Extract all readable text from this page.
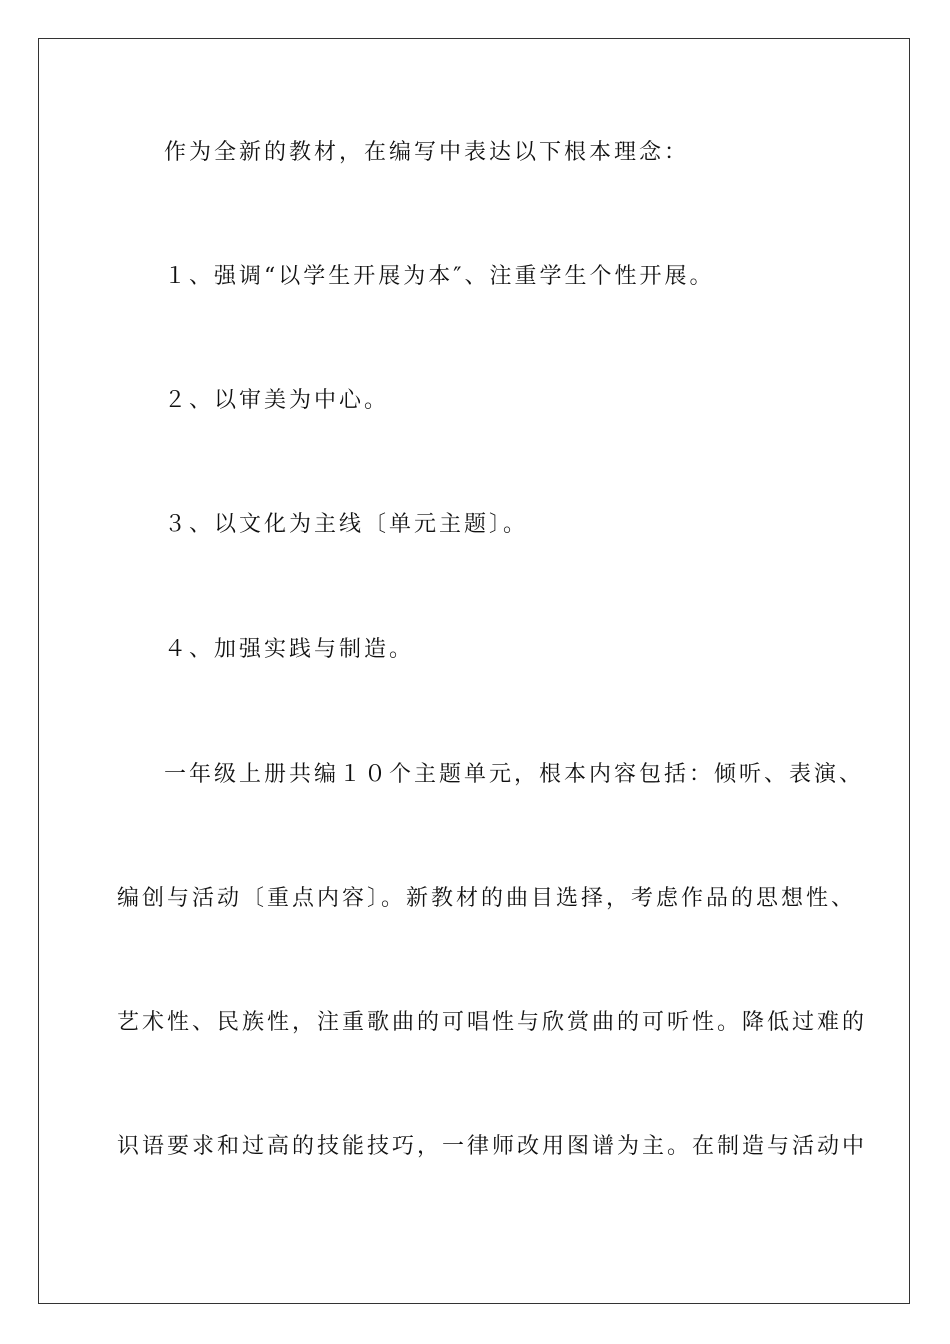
作为全新的教材，在编写中表达以下根本理念：
１、强调“以学生开展为本″、注重学生个性开展。
２、以审美为中心。
３、以文化为主线〔单元主题〕。
４、加强实践与制造。
一年级上册共编１０个主题单元，根本内容包括：倾听、表演、
编创与活动〔重点内容〕。新教材的曲目选择，考虑作品的思想性、
艺术性、民族性，注重歌曲的可唱性与欣赏曲的可听性。降低过难的
识语要求和过高的技能技巧，一律师改用图谱为主。在制造与活动中
